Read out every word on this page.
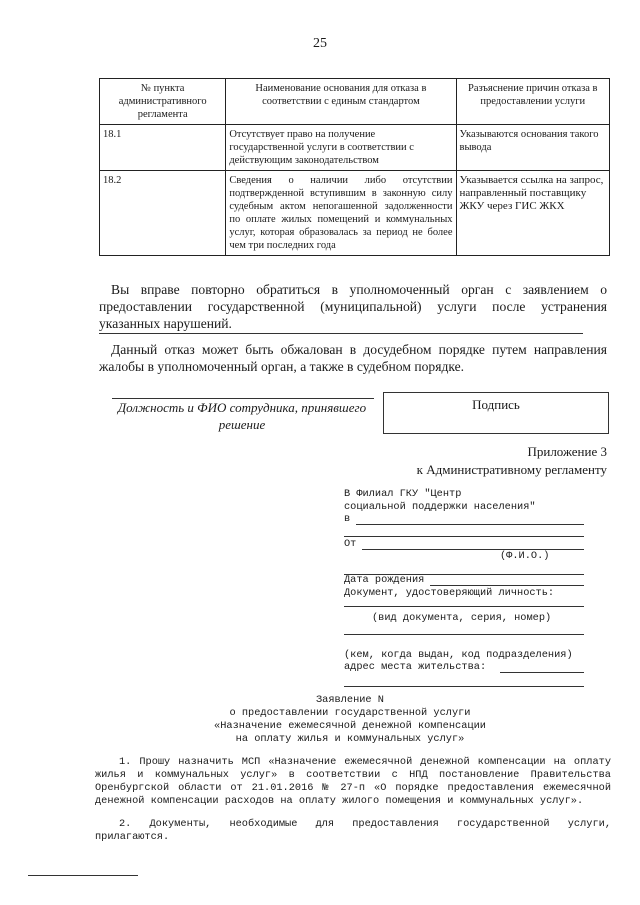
25
№ пункта административного регламента	Наименование основания для отказа в соответствии с единым стандартом	Разъяснение причин отказа в предоставлении услуги
18.1	Отсутствует право на получение государственной услуги в соответствии с действующим законодательством	Указываются основания такого вывода
18.2	Сведения о наличии либо отсутствии подтвержденной вступившим в законную силу судебным актом непогашенной задолженности по оплате жилых помещений и коммунальных услуг, которая образовалась за период не более чем три последних года	Указывается ссылка на запрос, направленный поставщику ЖКУ через ГИС ЖКХ
Вы вправе повторно обратиться в уполномоченный орган с заявлением о предоставлении государственной (муниципальной) услуги после устранения указанных нарушений.
Данный отказ может быть обжалован в досудебном порядке путем направления жалобы в уполномоченный орган, а также в судебном порядке.
Должность и ФИО сотрудника, принявшего решение
Подпись
Приложение 3
к Административному регламенту
В Филиал ГКУ "Центр
социальной поддержки населения"
в
От
(Ф.И.О.)
Дата рождения
Документ, удостоверяющий личность:
(вид документа, серия, номер)
(кем, когда выдан, код подразделения)
адрес места жительства:
Заявление N
о предоставлении государственной услуги
«Назначение ежемесячной денежной компенсации
на оплату жилья и коммунальных услуг»
1. Прошу назначить МСП «Назначение ежемесячной денежной компенсации на оплату жилья и коммунальных услуг» в соответствии с НПД постановление Правительства Оренбургской области от 21.01.2016 № 27-п «О порядке предоставления ежемесячной денежной компенсации расходов на оплату жилого помещения и коммунальных услуг».
2. Документы, необходимые для предоставления государственной услуги, прилагаются.
